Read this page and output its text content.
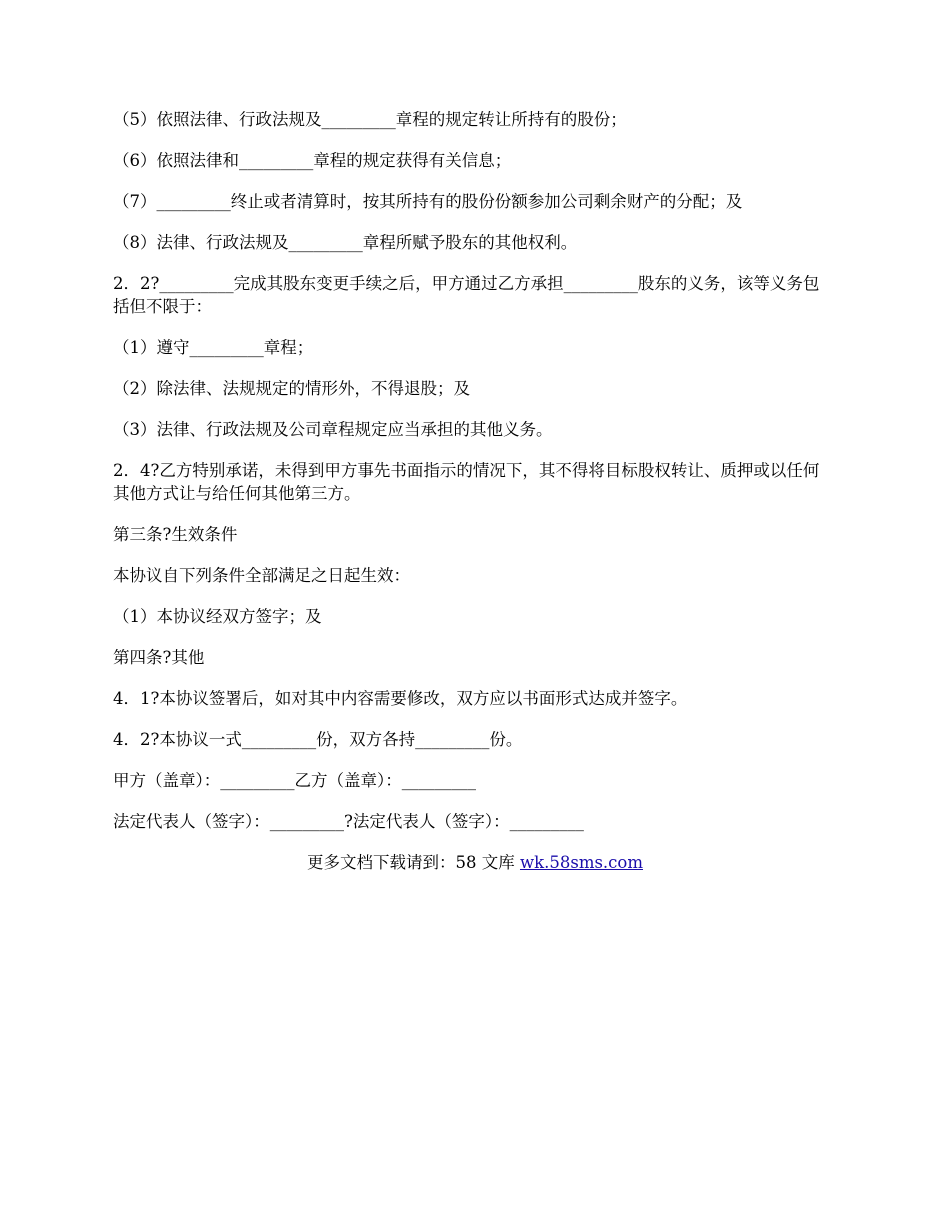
（5）依照法律、行政法规及_________章程的规定转让所持有的股份；

（6）依照法律和_________章程的规定获得有关信息；

（7）_________终止或者清算时，按其所持有的股份份额参加公司剩余财产的分配；及

（8）法律、行政法规及_________章程所赋予股东的其他权利。

2．2?_________完成其股东变更手续之后，甲方通过乙方承担_________股东的义务，该等义务包括但不限于：

（1）遵守_________章程；

（2）除法律、法规规定的情形外，不得退股；及

（3）法律、行政法规及公司章程规定应当承担的其他义务。

2．4?乙方特别承诺，未得到甲方事先书面指示的情况下，其不得将目标股权转让、质押或以任何其他方式让与给任何其他第三方。

第三条?生效条件

本协议自下列条件全部满足之日起生效：

（1）本协议经双方签字；及

第四条?其他

4．1?本协议签署后，如对其中内容需要修改，双方应以书面形式达成并签字。

4．2?本协议一式_________份，双方各持_________份。

甲方（盖章）：_________乙方（盖章）：_________

法定代表人（签字）：_________?法定代表人（签字）：_________

更多文档下载请到：58 文库 wk.58sms.com
